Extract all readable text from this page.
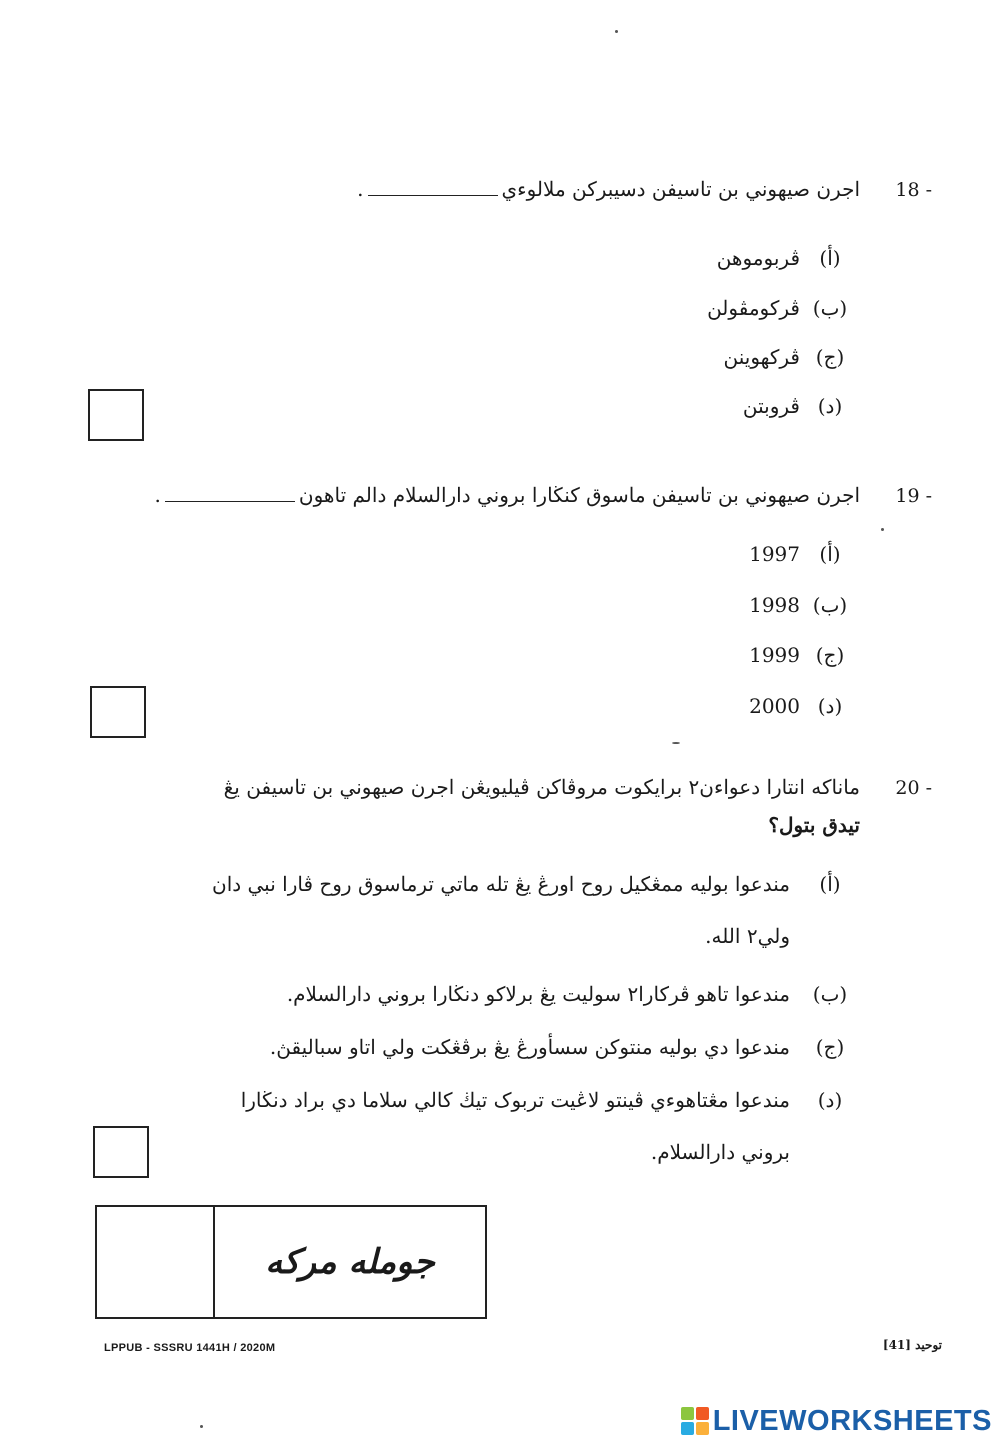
18 -اجرن صيهوني بن تاسيفن دسيبرکن ملالوءي.
(أ)ڤربوموهن
(ب)ڤرکومڤولن
(ج)ڤرکهوينن
(د)ڤروبتن
19 -اجرن صيهوني بن تاسيفن ماسوق کنڬارا بروني دارالسلام دالم تاهون.
(أ)1997
(ب)1998
(ج)1999
(د)2000
20 -ماناکه انتارا دعواءن٢ برايکوت مروڤاکن ڤيليويڠن اجرن صيهوني بن تاسيفن يڠ
تيدق بتول؟
(أ)
مندعوا بوليه ممڠکيل روح اورڠ يڠ تله ماتي ترماسوق روح ڤارا نبي دان
ولي٢ الله.
(ب)
مندعوا تاهو ڤرکارا٢ سوليت يڠ برلاکو دنڬارا بروني دارالسلام.
(ج)
مندعوا دي بوليه منتوکن سسأورڠ يڠ برڤڠکت ولي اتاو سباليقڽ.
(د)
مندعوا مڠتاهوءي ڤينتو لاڠيت تربوک تيڬ کالي سلاما دي براد دنڬارا
بروني دارالسلام.
جوملە مرکە
LPPUB - SSSRU 1441H / 2020M	توحيد [41]
LIVEWORKSHEETS
